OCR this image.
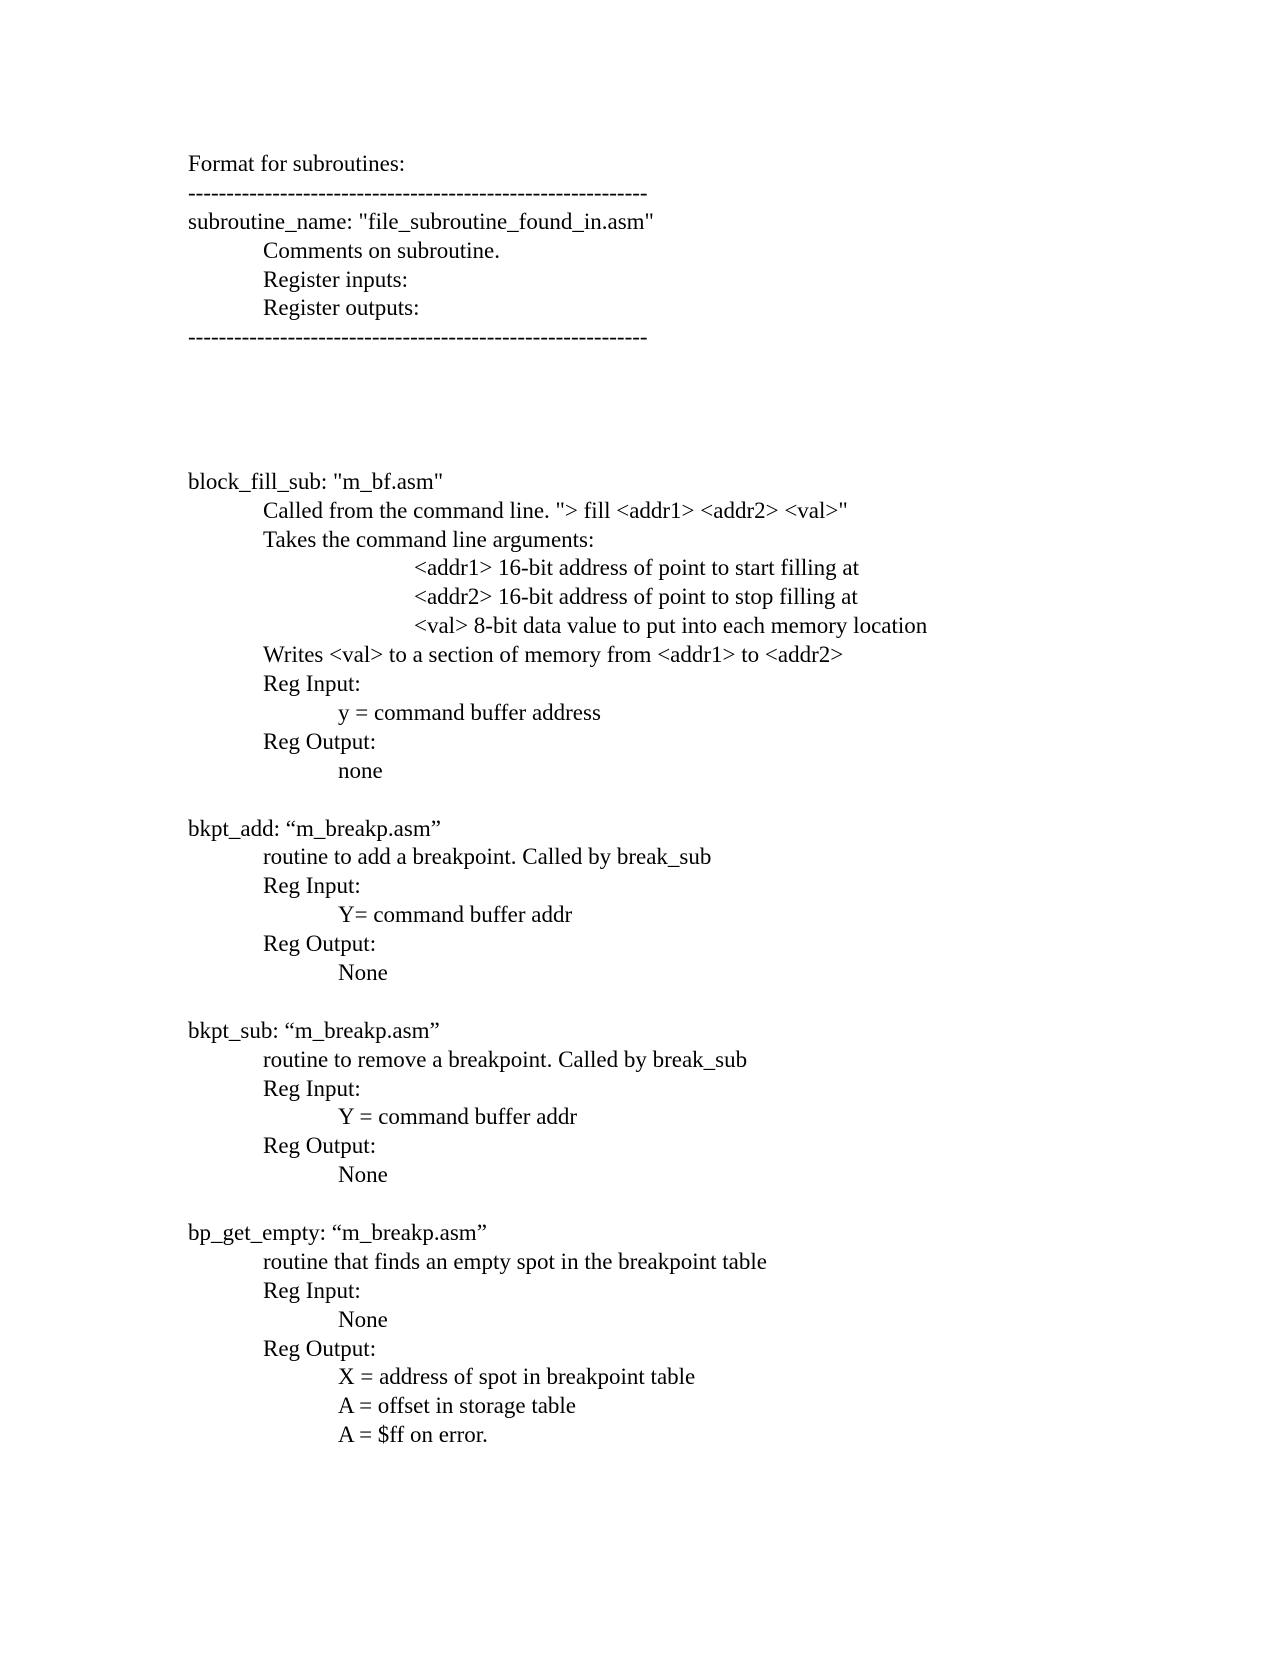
Format for subroutines:
------------------------------------------------------------
subroutine_name: "file_subroutine_found_in.asm"
Comments on subroutine.
Register inputs:
Register outputs:
------------------------------------------------------------
block_fill_sub: "m_bf.asm"
Called from the command line. "> fill <addr1> <addr2> <val>"
Takes the command line arguments:
<addr1> 16-bit address of point to start filling at
<addr2> 16-bit address of point to stop filling at
<val> 8-bit data value to put into each memory location
Writes <val> to a section of memory from <addr1> to <addr2>
Reg Input:
y = command buffer address
Reg Output:
none
bkpt_add: “m_breakp.asm”
routine to add a breakpoint. Called by break_sub
Reg Input:
Y= command buffer addr
Reg Output:
None
bkpt_sub: “m_breakp.asm”
routine to remove a breakpoint. Called by break_sub
Reg Input:
Y = command buffer addr
Reg Output:
None
bp_get_empty: “m_breakp.asm”
routine that finds an empty spot in the breakpoint table
Reg Input:
None
Reg Output:
X = address of spot in breakpoint table
A = offset in storage table
A = $ff on error.
